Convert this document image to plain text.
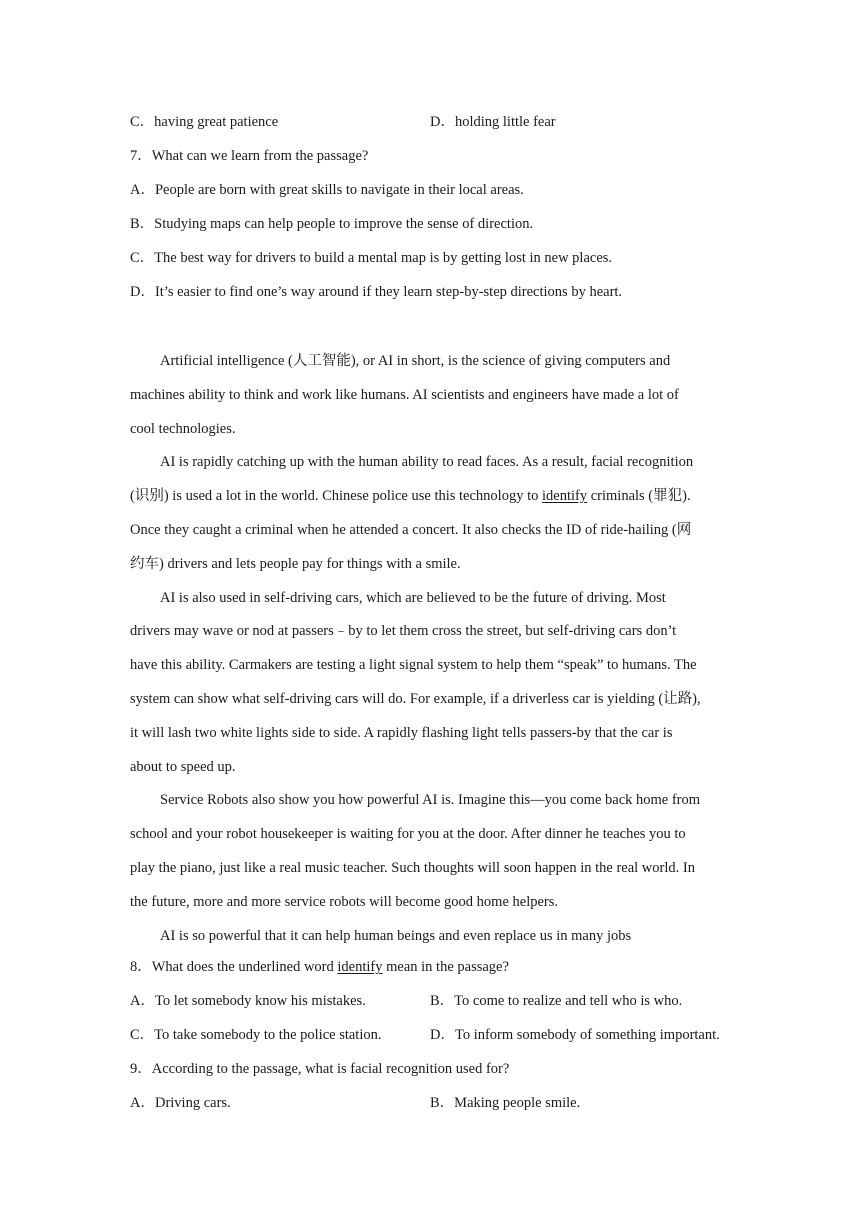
C．having great patience	D．holding little fear
7．What can we learn from the passage?
A．People are born with great skills to navigate in their local areas.
B．Studying maps can help people to improve the sense of direction.
C．The best way for drivers to build a mental map is by getting lost in new places.
D．It’s easier to find one’s way around if they learn step-by-step directions by heart.
Artificial intelligence (人工智能), or AI in short, is the science of giving computers and
machines ability to think and work like humans. AI scientists and engineers have made a lot of
cool technologies.
AI is rapidly catching up with the human ability to read faces. As a result, facial recognition
(识别) is used a lot in the world. Chinese police use this technology to identify criminals (罪犯).
Once they caught a criminal when he attended a concert. It also checks the ID of ride-hailing (网
约车) drivers and lets people pay for things with a smile.
AI is also used in self-driving cars, which are believed to be the future of driving. Most
drivers may wave or nod at passers﹣by to let them cross the street, but self-driving cars don’t
have this ability. Carmakers are testing a light signal system to help them “speak” to humans. The
system can show what self-driving cars will do. For example, if a driverless car is yielding (让路),
it will lash two white lights side to side. A rapidly flashing light tells passers-by that the car is
about to speed up.
Service Robots also show you how powerful AI is. Imagine this—you come back home from
school and your robot housekeeper is waiting for you at the door. After dinner he teaches you to
play the piano, just like a real music teacher. Such thoughts will soon happen in the real world. In
the future, more and more service robots will become good home helpers.
AI is so powerful that it can help human beings and even replace us in many jobs
8．What does the underlined word identify mean in the passage?
A．To let somebody know his mistakes.	B．To come to realize and tell who is who.
C．To take somebody to the police station.	D．To inform somebody of something important.
9．According to the passage, what is facial recognition used for?
A．Driving cars.	B．Making people smile.
